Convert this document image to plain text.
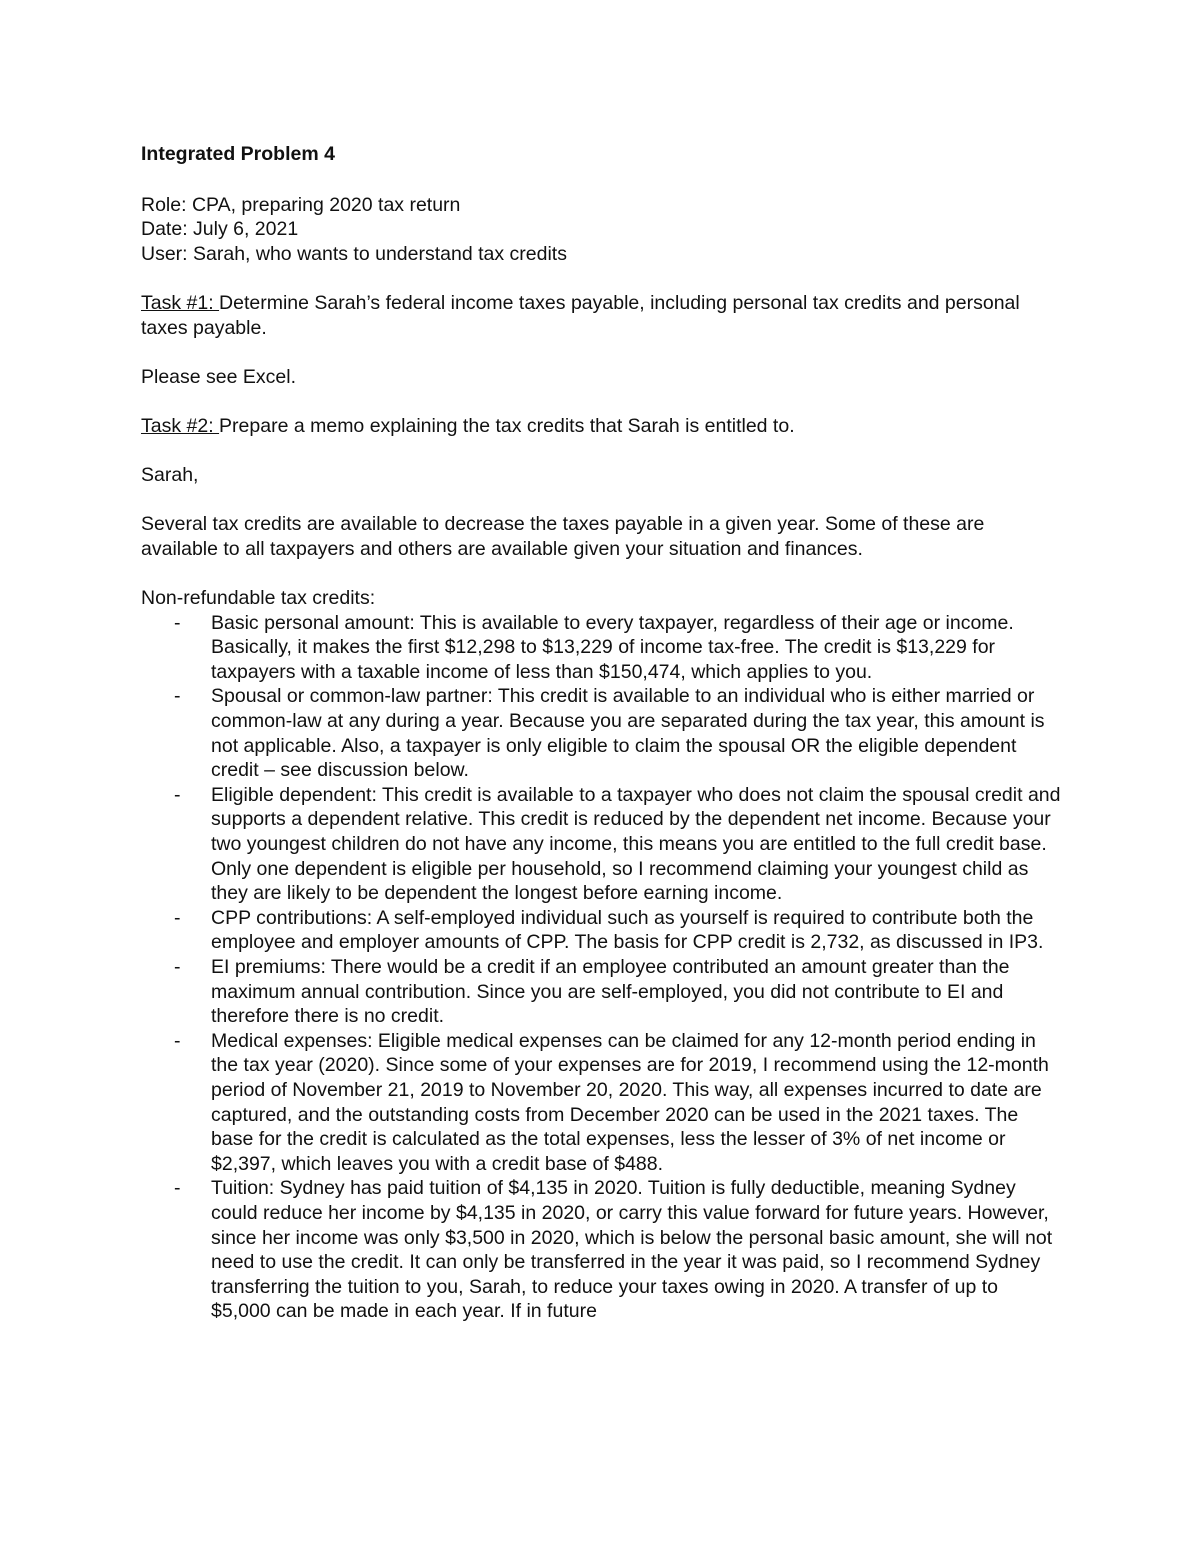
Integrated Problem 4

Role: CPA, preparing 2020 tax return

Date: July 6, 2021

User: Sarah, who wants to understand tax credits

Task #1: Determine Sarah’s federal income taxes payable, including personal tax credits and personal taxes payable.

Please see Excel.

Task #2: Prepare a memo explaining the tax credits that Sarah is entitled to.

Sarah,

Several tax credits are available to decrease the taxes payable in a given year. Some of these are available to all taxpayers and others are available given your situation and finances.

Non-refundable tax credits:

- Basic personal amount: This is available to every taxpayer, regardless of their age or income. Basically, it makes the first $12,298 to $13,229 of income tax-free. The credit is $13,229 for taxpayers with a taxable income of less than $150,474, which applies to you.
- Spousal or common-law partner: This credit is available to an individual who is either married or common-law at any during a year. Because you are separated during the tax year, this amount is not applicable. Also, a taxpayer is only eligible to claim the spousal OR the eligible dependent credit – see discussion below.
- Eligible dependent: This credit is available to a taxpayer who does not claim the spousal credit and supports a dependent relative. This credit is reduced by the dependent net income. Because your two youngest children do not have any income, this means you are entitled to the full credit base. Only one dependent is eligible per household, so I recommend claiming your youngest child as they are likely to be dependent the longest before earning income.
- CPP contributions: A self-employed individual such as yourself is required to contribute both the employee and employer amounts of CPP. The basis for CPP credit is 2,732, as discussed in IP3.
- EI premiums: There would be a credit if an employee contributed an amount greater than the maximum annual contribution. Since you are self-employed, you did not contribute to EI and therefore there is no credit.
- Medical expenses: Eligible medical expenses can be claimed for any 12-month period ending in the tax year (2020). Since some of your expenses are for 2019, I recommend using the 12-month period of November 21, 2019 to November 20, 2020. This way, all expenses incurred to date are captured, and the outstanding costs from December 2020 can be used in the 2021 taxes. The base for the credit is calculated as the total expenses, less the lesser of 3% of net income or $2,397, which leaves you with a credit base of $488.
- Tuition: Sydney has paid tuition of $4,135 in 2020. Tuition is fully deductible, meaning Sydney could reduce her income by $4,135 in 2020, or carry this value forward for future years. However, since her income was only $3,500 in 2020, which is below the personal basic amount, she will not need to use the credit. It can only be transferred in the year it was paid, so I recommend Sydney transferring the tuition to you, Sarah, to reduce your taxes owing in 2020. A transfer of up to $5,000 can be made in each year. If in future
